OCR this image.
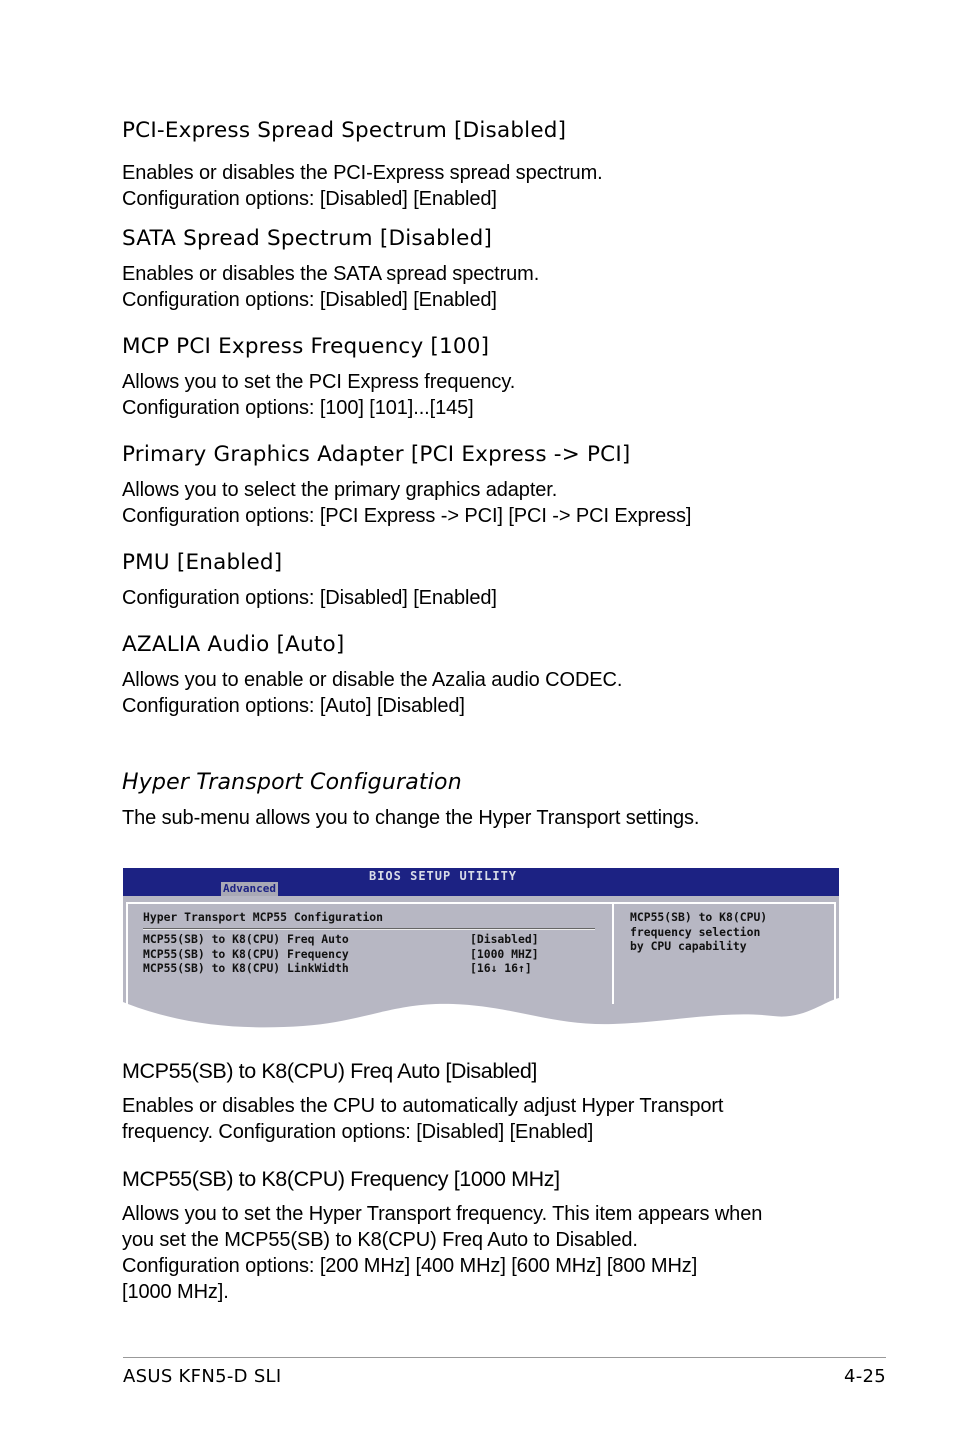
PCI-Express Spread Spectrum [Disabled]

Enables or disables the PCI-Express spread spectrum.
Configuration options: [Disabled] [Enabled]

SATA Spread Spectrum [Disabled]

Enables or disables the SATA spread spectrum.
Configuration options: [Disabled] [Enabled]

MCP PCI Express Frequency [100]

Allows you to set the PCI Express frequency.
Configuration options: [100] [101]...[145]

Primary Graphics Adapter [PCI Express -> PCI]

Allows you to select the primary graphics adapter.
Configuration options: [PCI Express -> PCI] [PCI -> PCI Express]

PMU [Enabled]

Configuration options: [Disabled] [Enabled]

AZALIA Audio [Auto]

Allows you to enable or disable the Azalia audio CODEC.
Configuration options: [Auto] [Disabled]

Hyper Transport Configuration

The sub-menu allows you to change the Hyper Transport settings.

BIOS SETUP UTILITY
Advanced
Hyper Transport MCP55 Configuration
MCP55(SB) to K8(CPU) Freq Auto	[Disabled]
MCP55(SB) to K8(CPU) Frequency	[1000 MHZ]
MCP55(SB) to K8(CPU) LinkWidth	[16↓ 16↑]
MCP55(SB) to K8(CPU)
frequency selection
by CPU capability
MCP55(SB) to K8(CPU) Freq Auto [Disabled]

Enables or disables the CPU to automatically adjust Hyper Transport
frequency. Configuration options: [Disabled] [Enabled]

MCP55(SB) to K8(CPU) Frequency [1000 MHz]

Allows you to set the Hyper Transport frequency. This item appears when
you set the MCP55(SB) to K8(CPU) Freq Auto to Disabled.
Configuration options: [200 MHz] [400 MHz] [600 MHz] [800 MHz]
[1000 MHz].

ASUS KFN5-D SLI	4-25
